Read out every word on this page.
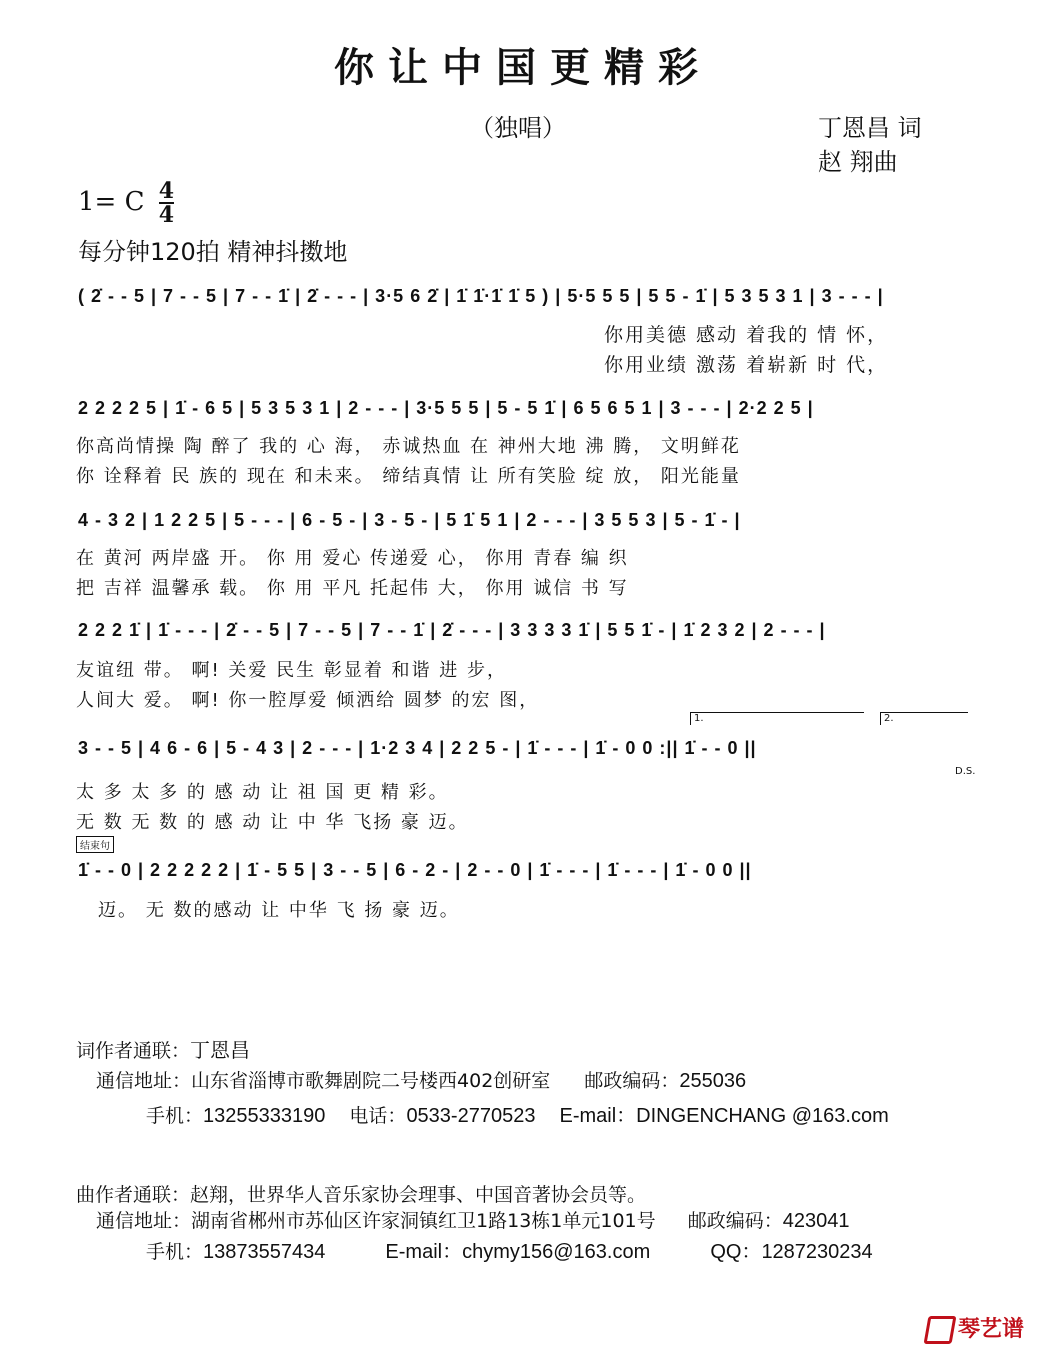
你让中国更精彩
（独唱）	丁恩昌 词
赵 翔曲
1= C $\frac{4}{4}$
每分钟120拍 精神抖擞地
( 2̇ - - 5 | 7 - - 5 | 7 - - 1̇ | 2̇ - - - | 3·5 6 2̇ | 1̇ 1̇·1̇ 1̇ 5 ) | 5·5 5 5 | 5 5 - 1̇ | 5 3 5 3 1 | 3 - - - |
你用美德 感动 着我的 情 怀，
你用业绩 激荡 着崭新 时 代，
2 2 2 2 5 | 1̇ - 6 5 | 5 3 5 3 1 | 2 - - - | 3·5 5 5 | 5 - 5 1̇ | 6 5 6 5 1 | 3 - - - | 2·2 2 5 |
你高尚情操 陶 醉了 我的 心 海， 赤诚热血 在 神州大地 沸 腾， 文明鲜花
你 诠释着 民 族的 现在 和未来。 缔结真情 让 所有笑脸 绽 放， 阳光能量
4 - 3 2 | 1 2 2 5 | 5 - - - | 6 - 5 - | 3 - 5 - | 5 1̇ 5 1 | 2 - - - | 3 5 5 3 | 5 - 1̇ - |
在 黄河 两岸盛 开。 你 用 爱心 传递爱 心， 你用 青春 编 织
把 吉祥 温馨承 载。 你 用 平凡 托起伟 大， 你用 诚信 书 写
2 2 2 1̇ | 1̇ - - - | 2̇ - - 5 | 7 - - 5 | 7 - - 1̇ | 2̇ - - - | 3 3 3 3 1̇ | 5 5 1̇ - | 1̇ 2 3 2 | 2 - - - |
友谊纽 带。 啊! 关爱 民生 彰显着 和谐 进 步，
人间大 爱。 啊! 你一腔厚爱 倾洒给 圆梦 的宏 图，
1.	2.
3 - - 5 | 4 6 - 6 | 5 - 4 3 | 2 - - - | 1·2 3 4 | 2 2 5 - | 1̇ - - - | 1̇ - 0 0 :|| 1̇ - - 0 ||
D.S.
太 多 太 多 的 感 动 让 祖 国 更 精 彩。
无 数 无 数 的 感 动 让 中 华 飞扬 豪 迈。
结束句
1̇ - - 0 | 2 2 2 2 2 | 1̇ - 5 5 | 3 - - 5 | 6 - 2 - | 2 - - 0 | 1̇ - - - | 1̇ - - - | 1̇ - 0 0 ||
迈。 无 数的感动 让 中华 飞 扬 豪 迈。
词作者通联：丁恩昌
通信地址：山东省淄博市歌舞剧院二号楼西402创研室 邮政编码：255036
手机：13255333190 电话：0533-2770523 E-mail：DINGENCHANG @163.com
曲作者通联：赵翔，世界华人音乐家协会理事、中国音著协会员等。
通信地址：湖南省郴州市苏仙区许家洞镇红卫1路13栋1单元101号 邮政编码：423041
手机：13873557434	E-mail：chymy156@163.com	QQ：1287230234
琴艺谱
